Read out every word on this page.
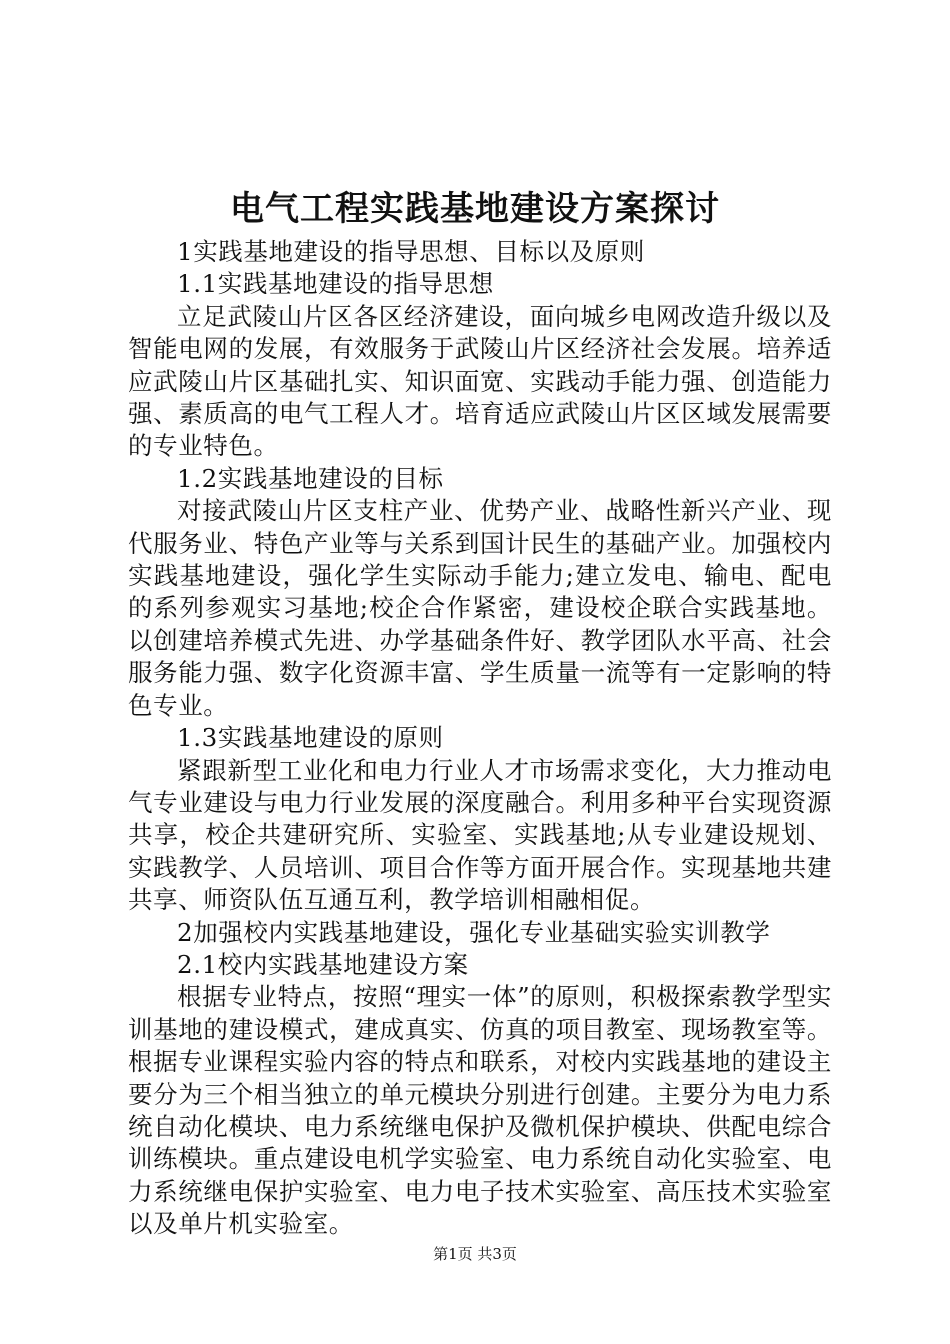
电气工程实践基地建设方案探讨

1实践基地建设的指导思想、目标以及原则

1.1实践基地建设的指导思想

立足武陵山片区各区经济建设，面向城乡电网改造升级以及智能电网的发展，有效服务于武陵山片区经济社会发展。培养适应武陵山片区基础扎实、知识面宽、实践动手能力强、创造能力强、素质高的电气工程人才。培育适应武陵山片区区域发展需要的专业特色。

1.2实践基地建设的目标

对接武陵山片区支柱产业、优势产业、战略性新兴产业、现代服务业、特色产业等与关系到国计民生的基础产业。加强校内实践基地建设，强化学生实际动手能力;建立发电、输电、配电的系列参观实习基地;校企合作紧密，建设校企联合实践基地。以创建培养模式先进、办学基础条件好、教学团队水平高、社会服务能力强、数字化资源丰富、学生质量一流等有一定影响的特色专业。

1.3实践基地建设的原则

紧跟新型工业化和电力行业人才市场需求变化，大力推动电气专业建设与电力行业发展的深度融合。利用多种平台实现资源共享，校企共建研究所、实验室、实践基地;从专业建设规划、实践教学、人员培训、项目合作等方面开展合作。实现基地共建共享、师资队伍互通互利，教学培训相融相促。

2加强校内实践基地建设，强化专业基础实验实训教学

2.1校内实践基地建设方案

根据专业特点，按照“理实一体”的原则，积极探索教学型实训基地的建设模式，建成真实、仿真的项目教室、现场教室等。根据专业课程实验内容的特点和联系，对校内实践基地的建设主要分为三个相当独立的单元模块分别进行创建。主要分为电力系统自动化模块、电力系统继电保护及微机保护模块、供配电综合训练模块。重点建设电机学实验室、电力系统自动化实验室、电力系统继电保护实验室、电力电子技术实验室、高压技术实验室以及单片机实验室。

第1页 共3页
